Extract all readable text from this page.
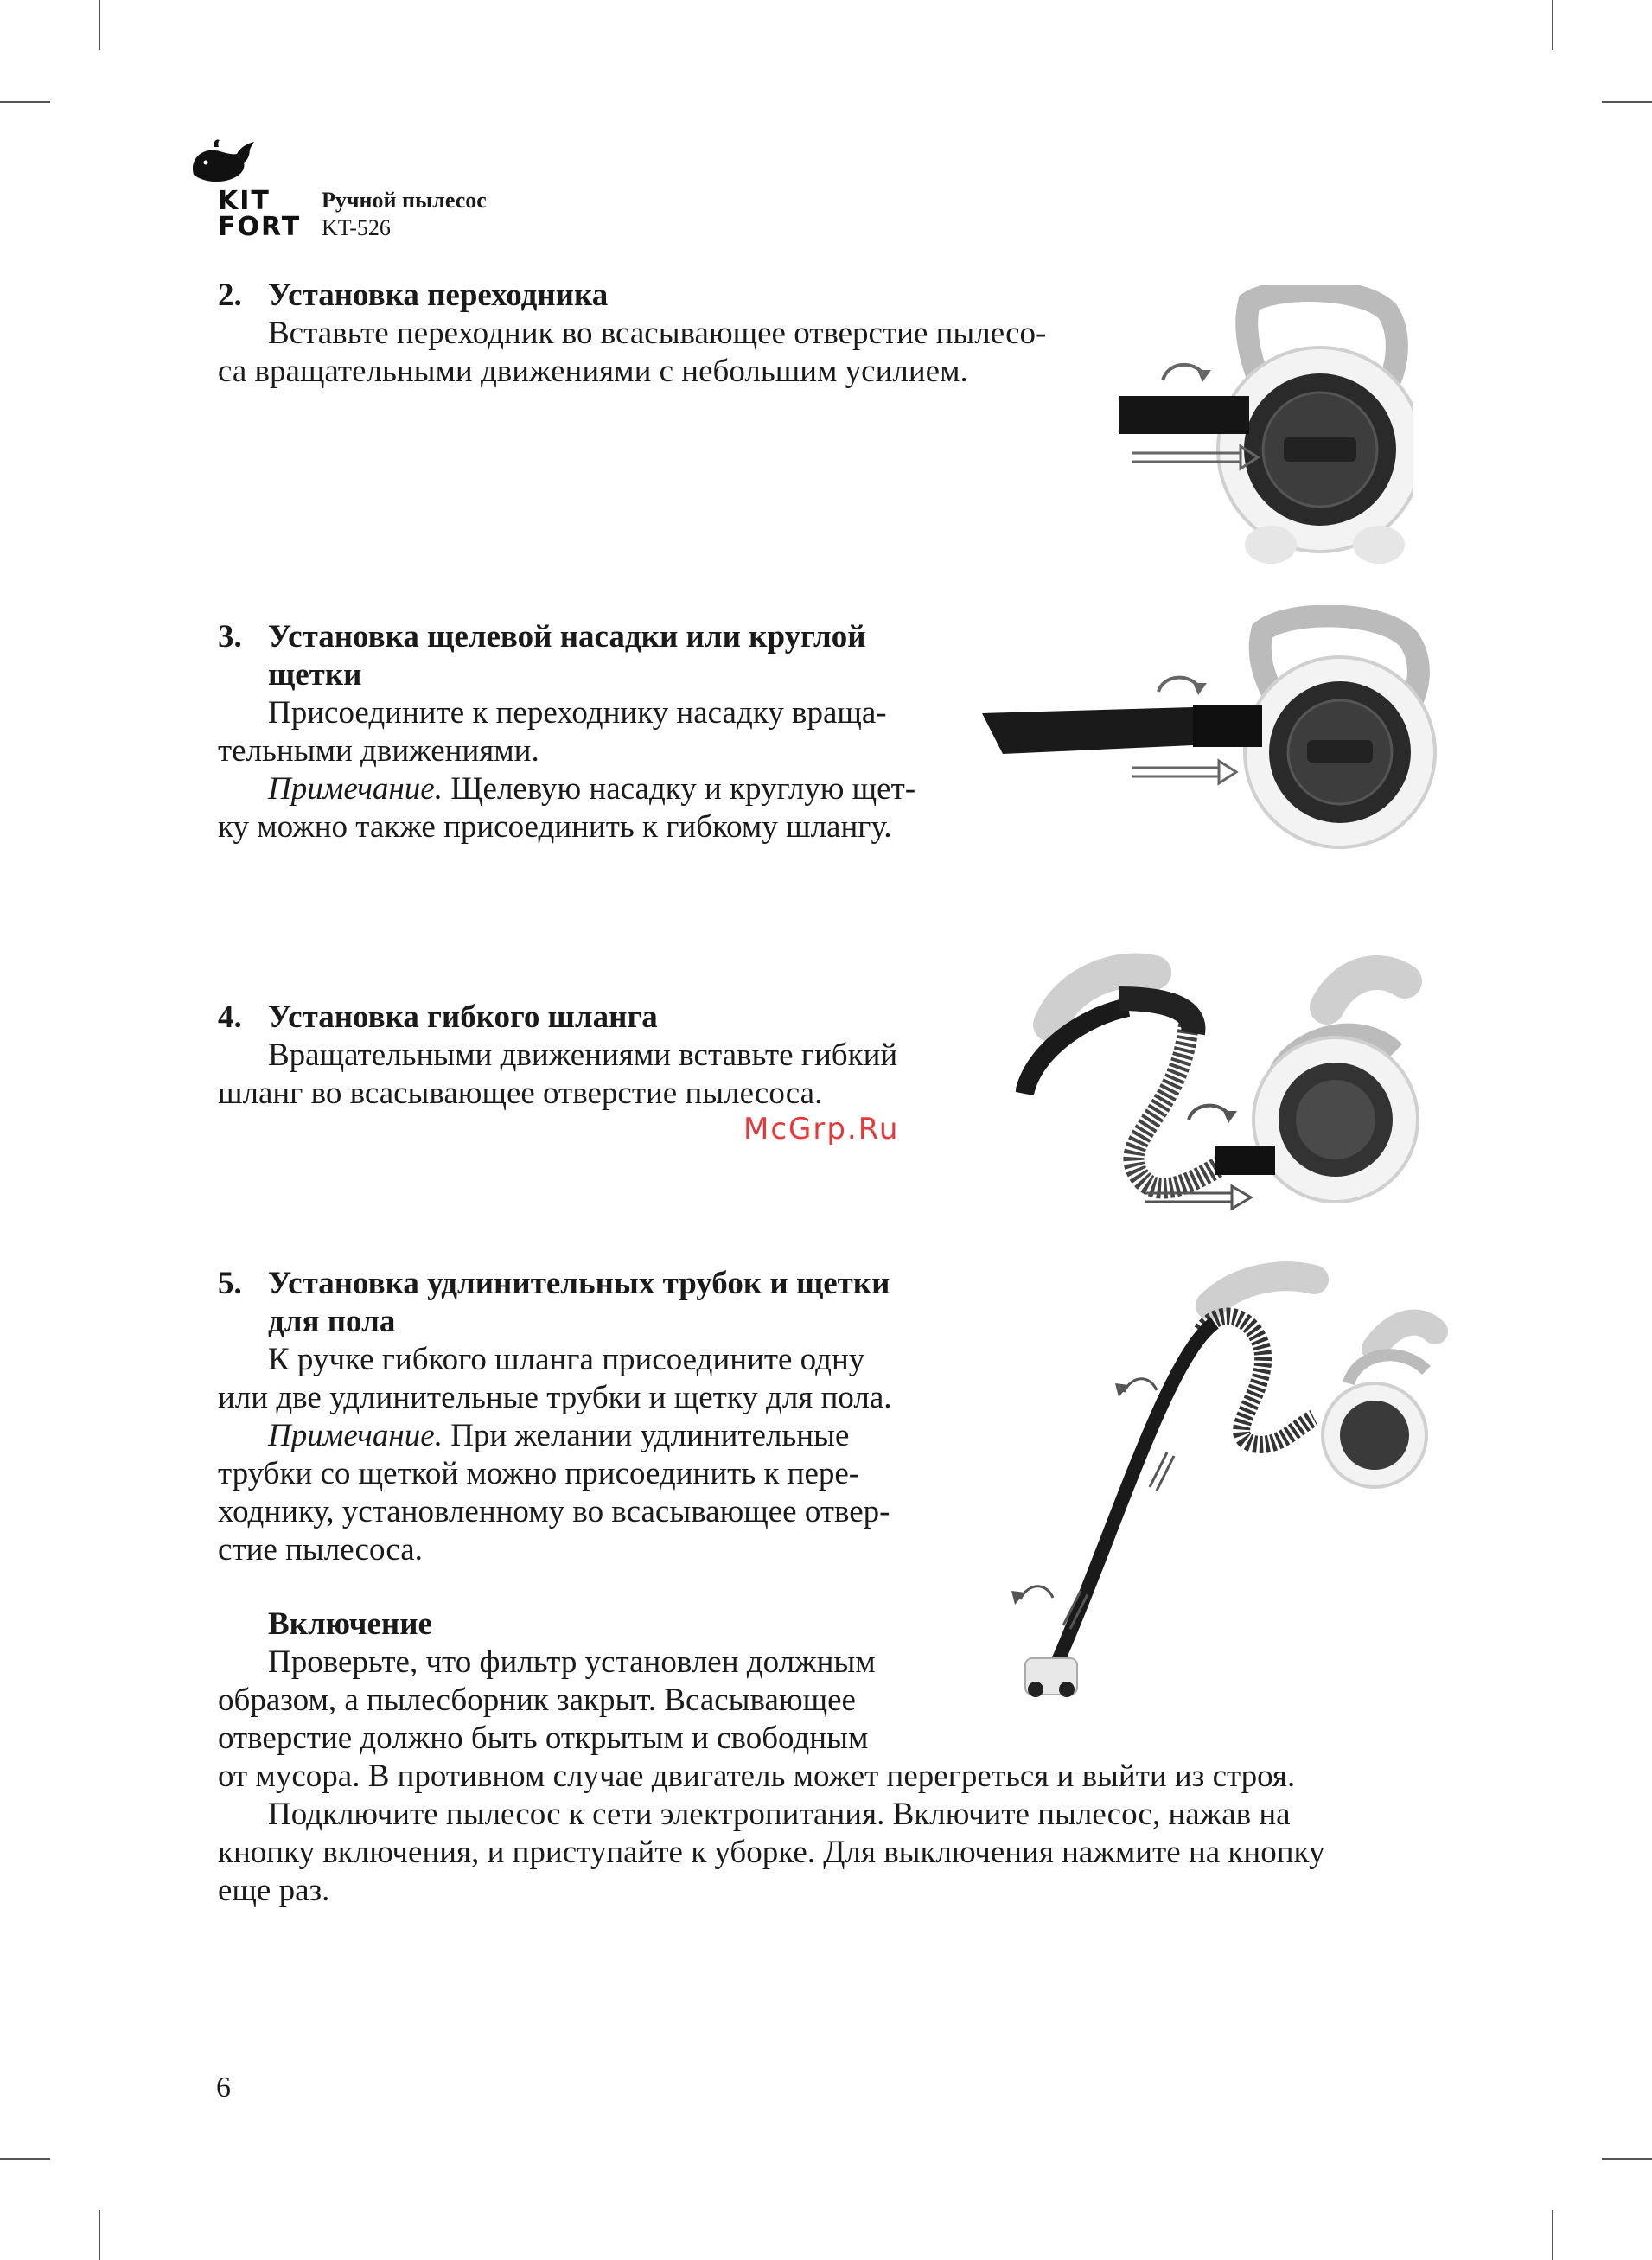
KIT
FORT
Ручной пылесос
KT-526

2. Установка переходника

Вставьте переходник во всасывающее отверстие пылесо-

са вращательными движениями с небольшим усилием.

3. Установка щелевой насадки или круглой

щетки

Присоедините к переходнику насадку враща-

тельными движениями.

Примечание. Щелевую насадку и круглую щет-

ку можно также присоединить к гибкому шлангу.

4. Установка гибкого шланга

Вращательными движениями вставьте гибкий

шланг во всасывающее отверстие пылесоса.

McGrp.Ru

5. Установка удлинительных трубок и щетки

для пола

К ручке гибкого шланга присоедините одну

или две удлинительные трубки и щетку для пола.

Примечание. При желании удлинительные

трубки со щеткой можно присоединить к пере-

ходнику, установленному во всасывающее отвер-

стие пылесоса.

Включение

Проверьте, что фильтр установлен должным

образом, а пылесборник закрыт. Всасывающее

отверстие должно быть открытым и свободным

от мусора. В противном случае двигатель может перегреться и выйти из строя.

Подключите пылесос к сети электропитания. Включите пылесос, нажав на

кнопку включения, и приступайте к уборке. Для выключения нажмите на кнопку

еще раз.

6
